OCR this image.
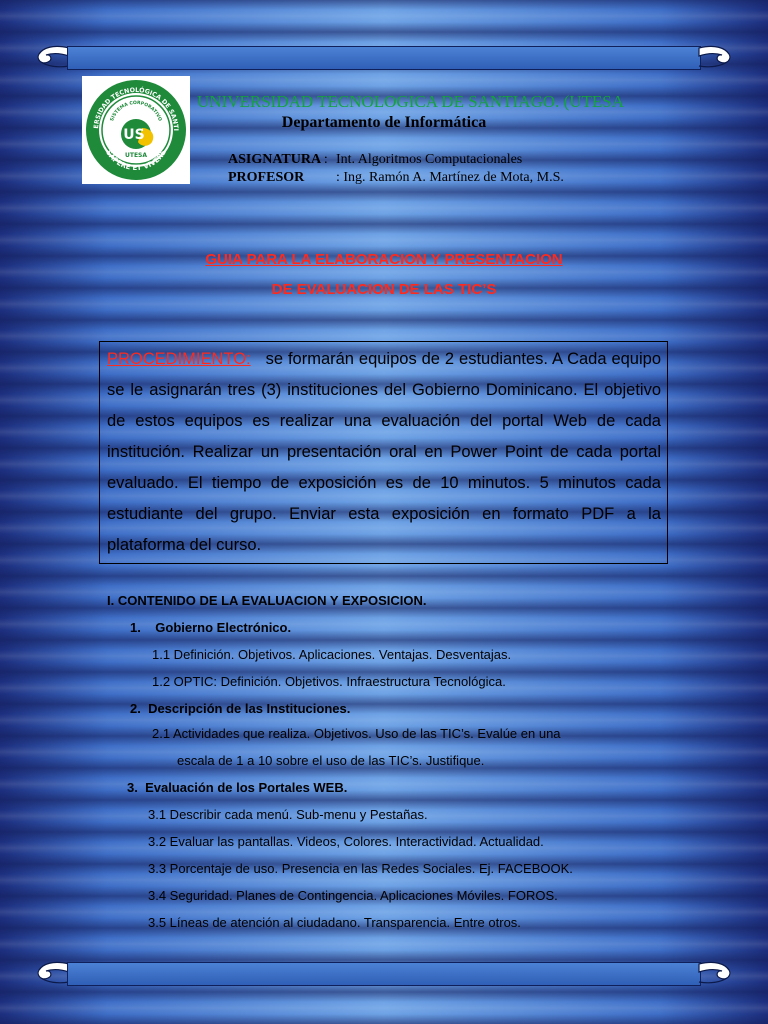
ERSIDAD TECNOLÓGICA DE SANTI
SAPERE ET VIVERE
SISTEMA CORPORATIVO
US
UTESA
UNIVERSIDAD TECNOLOGICA DE SANTIAGO. (UTESA
Departamento de Informática
ASIGNATURA : Int. Algoritmos Computacionales
PROFESOR : Ing. Ramón A. Martínez de Mota, M.S.
GUIA PARA LA ELABORACION Y PRESENTACION
DE EVALUACION DE LAS TIC’S
PROCEDIMIENTO: se formarán equipos de 2 estudiantes. A Cada equipo se le asignarán tres (3) instituciones del Gobierno Dominicano. El objetivo de estos equipos es realizar una evaluación del portal Web de cada institución. Realizar un presentación oral en Power Point de cada portal evaluado. El tiempo de exposición es de 10 minutos. 5 minutos cada estudiante del grupo. Enviar esta exposición en formato PDF a la plataforma del curso.
I. CONTENIDO DE LA EVALUACION Y EXPOSICION.
1.    Gobierno Electrónico.
1.1 Definición. Objetivos. Aplicaciones. Ventajas. Desventajas.
1.2 OPTIC: Definición. Objetivos. Infraestructura Tecnológica.
2.  Descripción de las Instituciones.
2.1 Actividades que realiza. Objetivos. Uso de las TIC’s. Evalúe en una
escala de 1 a 10 sobre el uso de las TIC’s. Justifique.
3.  Evaluación de los Portales WEB.
3.1 Describir cada menú. Sub-menu y Pestañas.
3.2 Evaluar las pantallas. Videos, Colores. Interactividad. Actualidad.
3.3 Porcentaje de uso. Presencia en las Redes Sociales. Ej. FACEBOOK.
3.4 Seguridad. Planes de Contingencia. Aplicaciones Móviles. FOROS.
3.5 Líneas de atención al ciudadano. Transparencia. Entre otros.
